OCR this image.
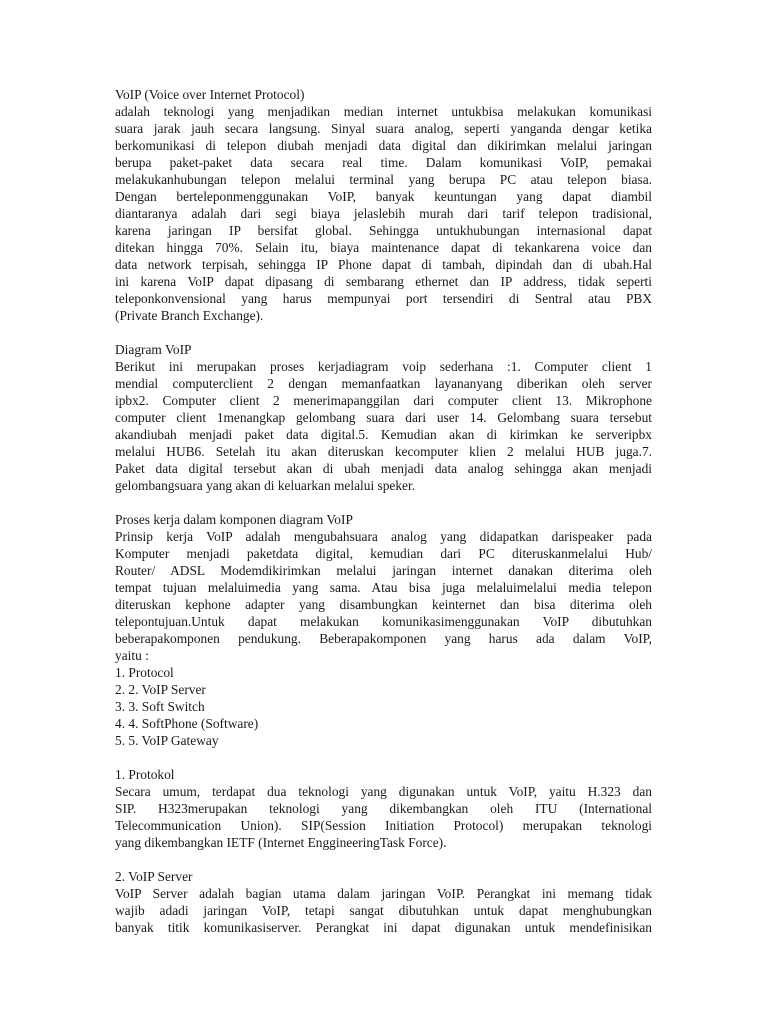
VoIP (Voice over Internet Protocol)
adalah teknologi yang menjadikan median internet untukbisa melakukan komunikasi
suara jarak jauh secara langsung. Sinyal suara analog, seperti yanganda dengar ketika
berkomunikasi di telepon diubah menjadi data digital dan dikirimkan melalui jaringan
berupa paket-paket data secara real time. Dalam komunikasi VoIP, pemakai
melakukanhubungan telepon melalui terminal yang berupa PC atau telepon biasa.
Dengan berteleponmenggunakan VoIP, banyak keuntungan yang dapat diambil
diantaranya adalah dari segi biaya jelaslebih murah dari tarif telepon tradisional,
karena jaringan IP bersifat global. Sehingga untukhubungan internasional dapat
ditekan hingga 70%. Selain itu, biaya maintenance dapat di tekankarena voice dan
data network terpisah, sehingga IP Phone dapat di tambah, dipindah dan di ubah.Hal
ini karena VoIP dapat dipasang di sembarang ethernet dan IP address, tidak seperti
teleponkonvensional yang harus mempunyai port tersendiri di Sentral atau PBX
(Private Branch Exchange).
Diagram VoIP
Berikut ini merupakan proses kerjadiagram voip sederhana :1. Computer client 1
mendial computerclient 2 dengan memanfaatkan layananyang diberikan oleh server
ipbx2. Computer client 2 menerimapanggilan dari computer client 13. Mikrophone
computer client 1menangkap gelombang suara dari user 14. Gelombang suara tersebut
akandiubah menjadi paket data digital.5. Kemudian akan di kirimkan ke serveripbx
melalui HUB6. Setelah itu akan diteruskan kecomputer klien 2 melalui HUB juga.7.
Paket data digital tersebut akan di ubah menjadi data analog sehingga akan menjadi
gelombangsuara yang akan di keluarkan melalui speker.
Proses kerja dalam komponen diagram VoIP
Prinsip kerja VoIP adalah mengubahsuara analog yang didapatkan darispeaker pada
Komputer menjadi paketdata digital, kemudian dari PC diteruskanmelalui Hub/
Router/ ADSL Modemdikirimkan melalui jaringan internet danakan diterima oleh
tempat tujuan melaluimedia yang sama. Atau bisa juga melaluimelalui media telepon
diteruskan kephone adapter yang disambungkan keinternet dan bisa diterima oleh
telepontujuan.Untuk dapat melakukan komunikasimenggunakan VoIP dibutuhkan
beberapakomponen pendukung. Beberapakomponen yang harus ada dalam VoIP,
yaitu :
1. Protocol
2. 2. VoIP Server
3. 3. Soft Switch
4. 4. SoftPhone (Software)
5. 5. VoIP Gateway
1. Protokol
Secara umum, terdapat dua teknologi yang digunakan untuk VoIP, yaitu H.323 dan
SIP. H323merupakan teknologi yang dikembangkan oleh ITU (International
Telecommunication Union). SIP(Session Initiation Protocol) merupakan teknologi
yang dikembangkan IETF (Internet EnggineeringTask Force).
2. VoIP Server
VoIP Server adalah bagian utama dalam jaringan VoIP. Perangkat ini memang tidak
wajib adadi jaringan VoIP, tetapi sangat dibutuhkan untuk dapat menghubungkan
banyak titik komunikasiserver. Perangkat ini dapat digunakan untuk mendefinisikan
